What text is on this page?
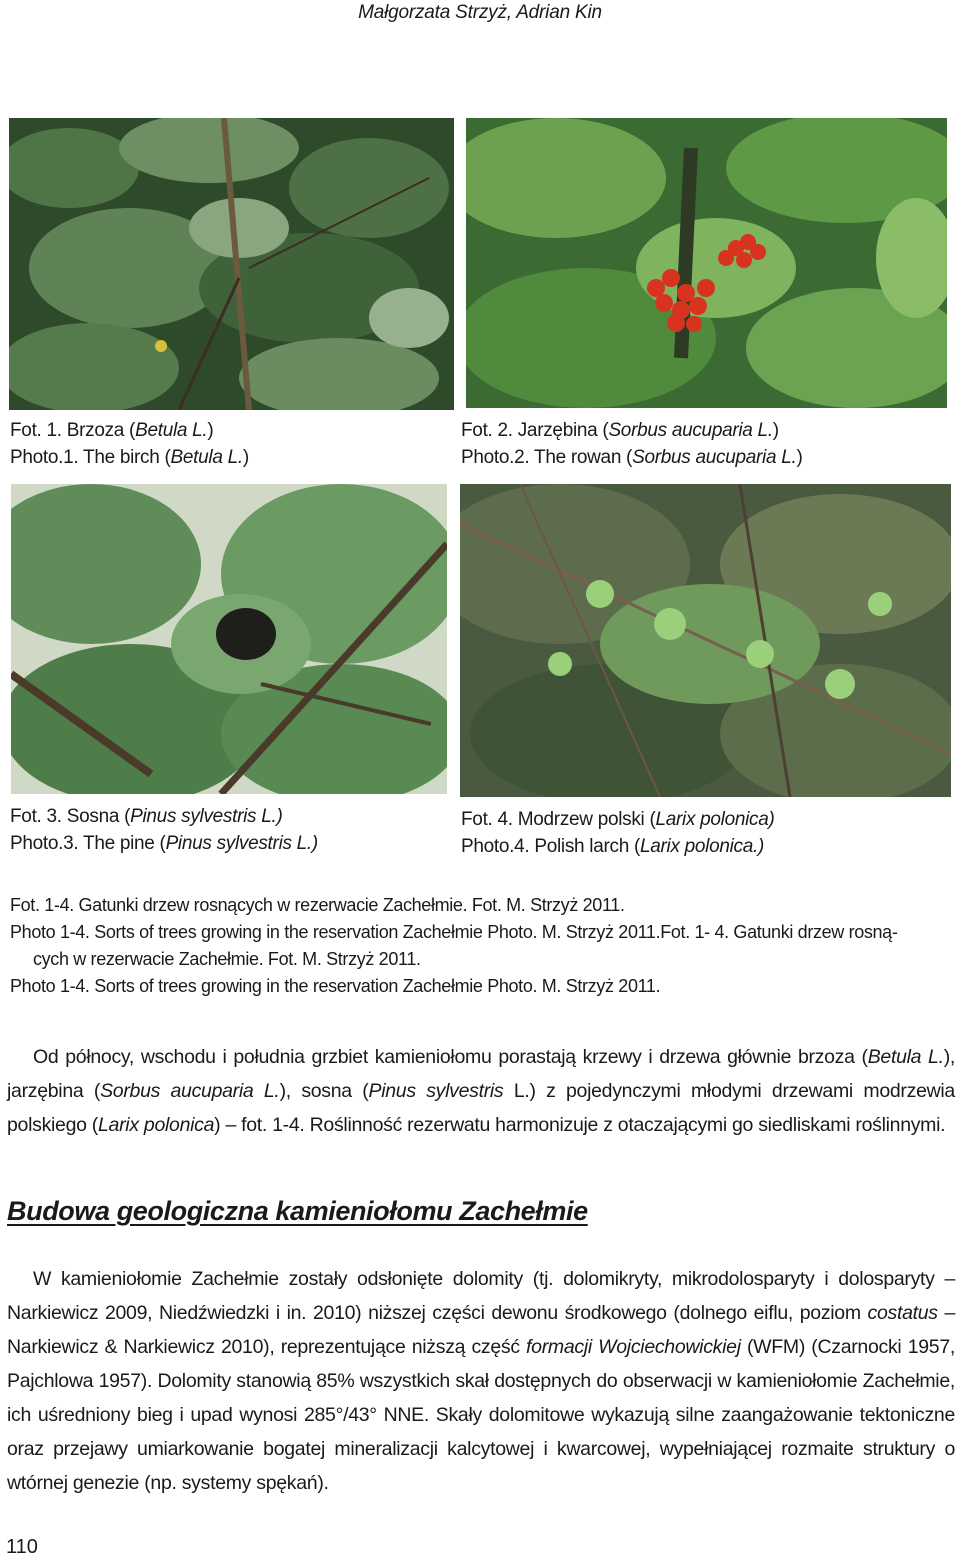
Małgorzata Strzyż, Adrian Kin
Fot. 1. Brzoza (Betula L.)
Photo.1. The birch (Betula L.)
Fot. 2. Jarzębina (Sorbus aucuparia L.)
Photo.2. The rowan (Sorbus aucuparia L.)
Fot. 3. Sosna (Pinus sylvestris L.)
Photo.3. The pine (Pinus sylvestris L.)
Fot. 4. Modrzew polski (Larix polonica)
Photo.4. Polish larch (Larix polonica.)
Fot. 1-4. Gatunki drzew rosnących w rezerwacie Zachełmie. Fot. M. Strzyż 2011.
Photo 1-4. Sorts of trees growing in the reservation Zachełmie Photo. M. Strzyż 2011.Fot. 1- 4. Gatunki drzew rosną-
cych w rezerwacie Zachełmie. Fot. M. Strzyż 2011.
Photo 1-4. Sorts of trees growing in the reservation Zachełmie Photo. M. Strzyż 2011.
Od północy, wschodu i południa grzbiet kamieniołomu porastają krzewy i drzewa głównie brzoza (Betula L.), jarzębina (Sorbus aucuparia L.), sosna (Pinus sylvestris L.) z pojedynczymi młodymi drzewami modrzewia polskiego (Larix polonica) – fot. 1-4. Roślinność rezerwatu harmonizuje z otaczającymi go siedliskami roślinnymi.
Budowa geologiczna kamieniołomu Zachełmie
W kamieniołomie Zachełmie zostały odsłonięte dolomity (tj. dolomikryty, mikrodolosparyty i dolosparyty – Narkiewicz 2009, Niedźwiedzki i in. 2010) niższej części dewonu środkowego (dolnego eiflu, poziom costatus – Narkiewicz & Narkiewicz 2010), reprezentujące niższą część formacji Wojciechowickiej (WFM) (Czarnocki 1957, Pajchlowa 1957). Dolomity stanowią 85% wszystkich skał dostępnych do obserwacji w kamieniołomie Zachełmie, ich uśredniony bieg i upad wynosi 285°/43° NNE. Skały dolomitowe wykazują silne zaangażowanie tektoniczne oraz przejawy umiarkowanie bogatej mineralizacji kalcytowej i kwarcowej, wypełniającej rozmaite struktury o wtórnej genezie (np. systemy spękań).
110
